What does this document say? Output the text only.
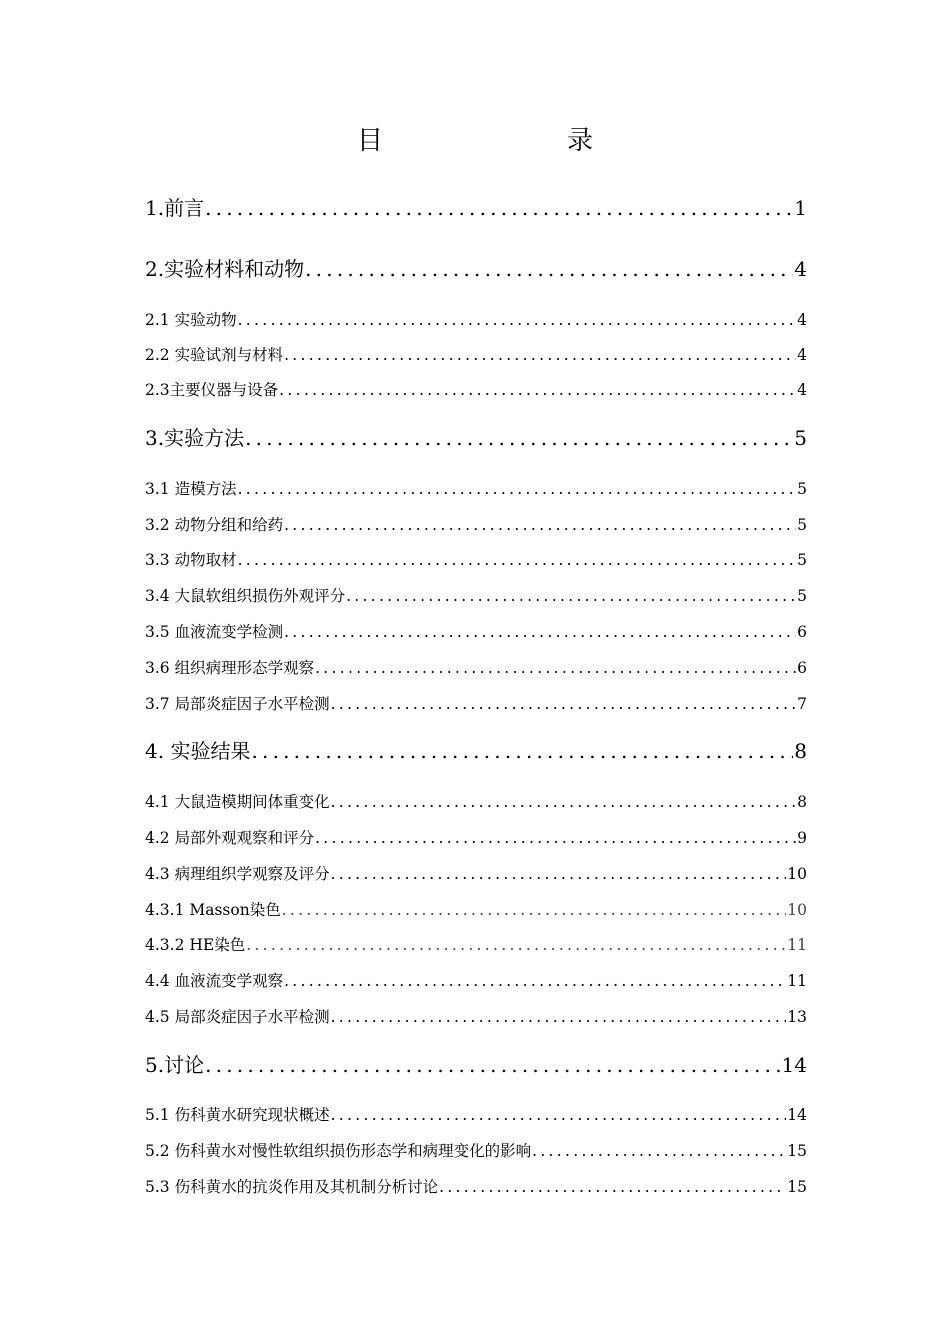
目　　录
1.前言 .....	1
2.实验材料和动物 .....	4
2.1 实验动物 .....	4
2.2 实验试剂与材料 .....	4
2.3主要仪器与设备 .....	4
3.实验方法 .....	5
3.1 造模方法 .....	5
3.2 动物分组和给药 .....	5
3.3 动物取材 .....	5
3.4 大鼠软组织损伤外观评分 .....	5
3.5 血液流变学检测 .....	6
3.6 组织病理形态学观察 .....	6
3.7 局部炎症因子水平检测 .....	7
4. 实验结果 .....	8
4.1 大鼠造模期间体重变化 .....	8
4.2 局部外观观察和评分 .....	9
4.3 病理组织学观察及评分 .....	10
4.3.1 Masson染色 .....	10
4.3.2 HE染色 .....	11
4.4 血液流变学观察 .....	11
4.5 局部炎症因子水平检测 .....	13
5.讨论 .....	14
5.1 伤科黄水研究现状概述 .....	14
5.2 伤科黄水对慢性软组织损伤形态学和病理变化的影响 .....	15
5.3 伤科黄水的抗炎作用及其机制分析讨论 .....	15
